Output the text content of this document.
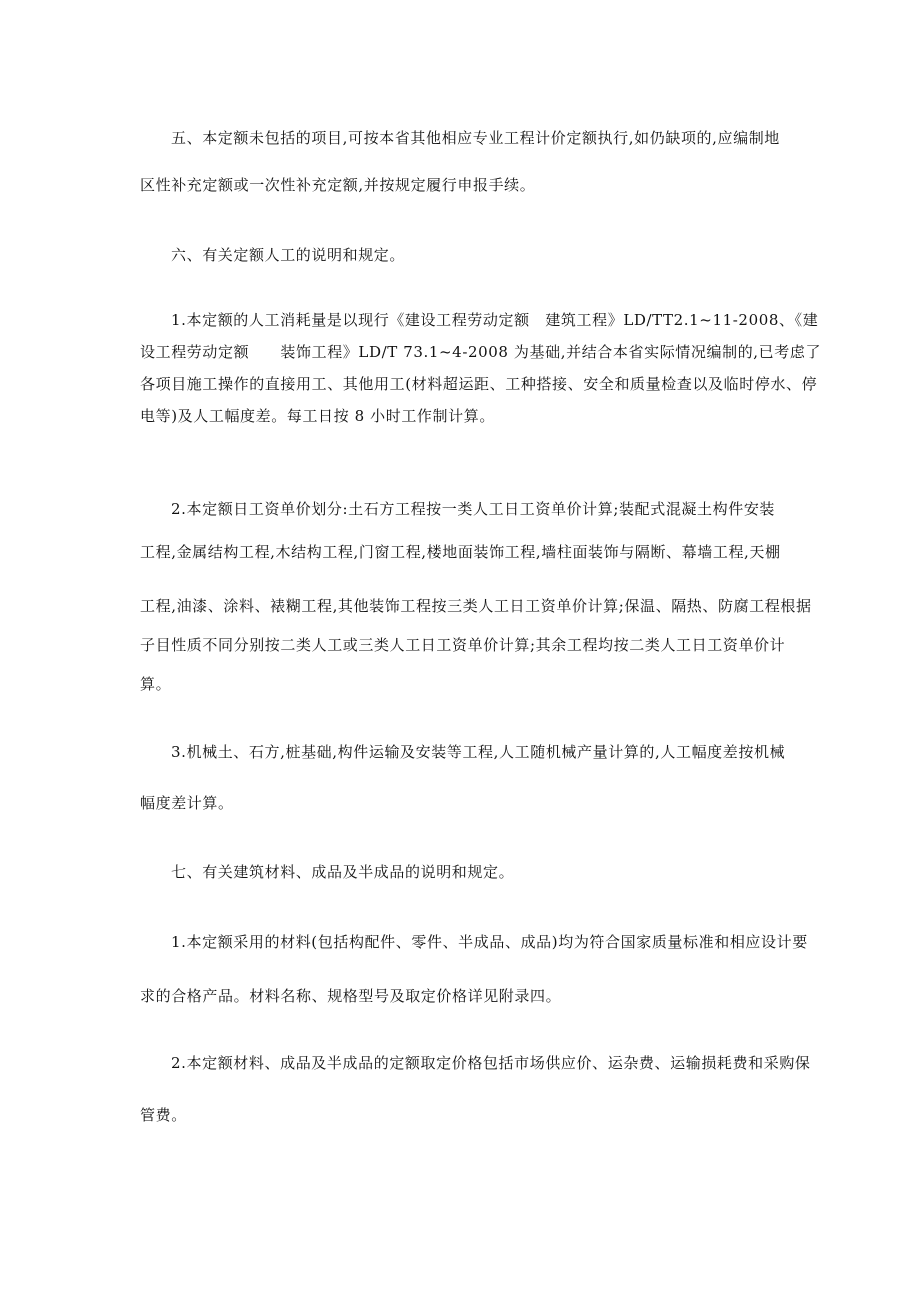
五、本定额未包括的项目,可按本省其他相应专业工程计价定额执行,如仍缺项的,应编制地
区性补充定额或一次性补充定额,并按规定履行申报手续。
六、有关定额人工的说明和规定。
1.本定额的人工消耗量是以现行《建设工程劳动定额　建筑工程》LD/TT2.1~11-2008、《建
设工程劳动定额　　装饰工程》LD/T 73.1~4-2008 为基础,并结合本省实际情况编制的,已考虑了
各项目施工操作的直接用工、其他用工(材料超运距、工种搭接、安全和质量检查以及临时停水、停
电等)及人工幅度差。每工日按 8 小时工作制计算。
2.本定额日工资单价划分:土石方工程按一类人工日工资单价计算;装配式混凝土构件安装
工程,金属结构工程,木结构工程,门窗工程,楼地面装饰工程,墙柱面装饰与隔断、幕墙工程,天棚
工程,油漆、涂料、裱糊工程,其他装饰工程按三类人工日工资单价计算;保温、隔热、防腐工程根据
子目性质不同分别按二类人工或三类人工日工资单价计算;其余工程均按二类人工日工资单价计
算。
3.机械土、石方,桩基础,构件运输及安装等工程,人工随机械产量计算的,人工幅度差按机械
幅度差计算。
七、有关建筑材料、成品及半成品的说明和规定。
1.本定额采用的材料(包括构配件、零件、半成品、成品)均为符合国家质量标准和相应设计要
求的合格产品。材料名称、规格型号及取定价格详见附录四。
2.本定额材料、成品及半成品的定额取定价格包括市场供应价、运杂费、运输损耗费和采购保
管费。
